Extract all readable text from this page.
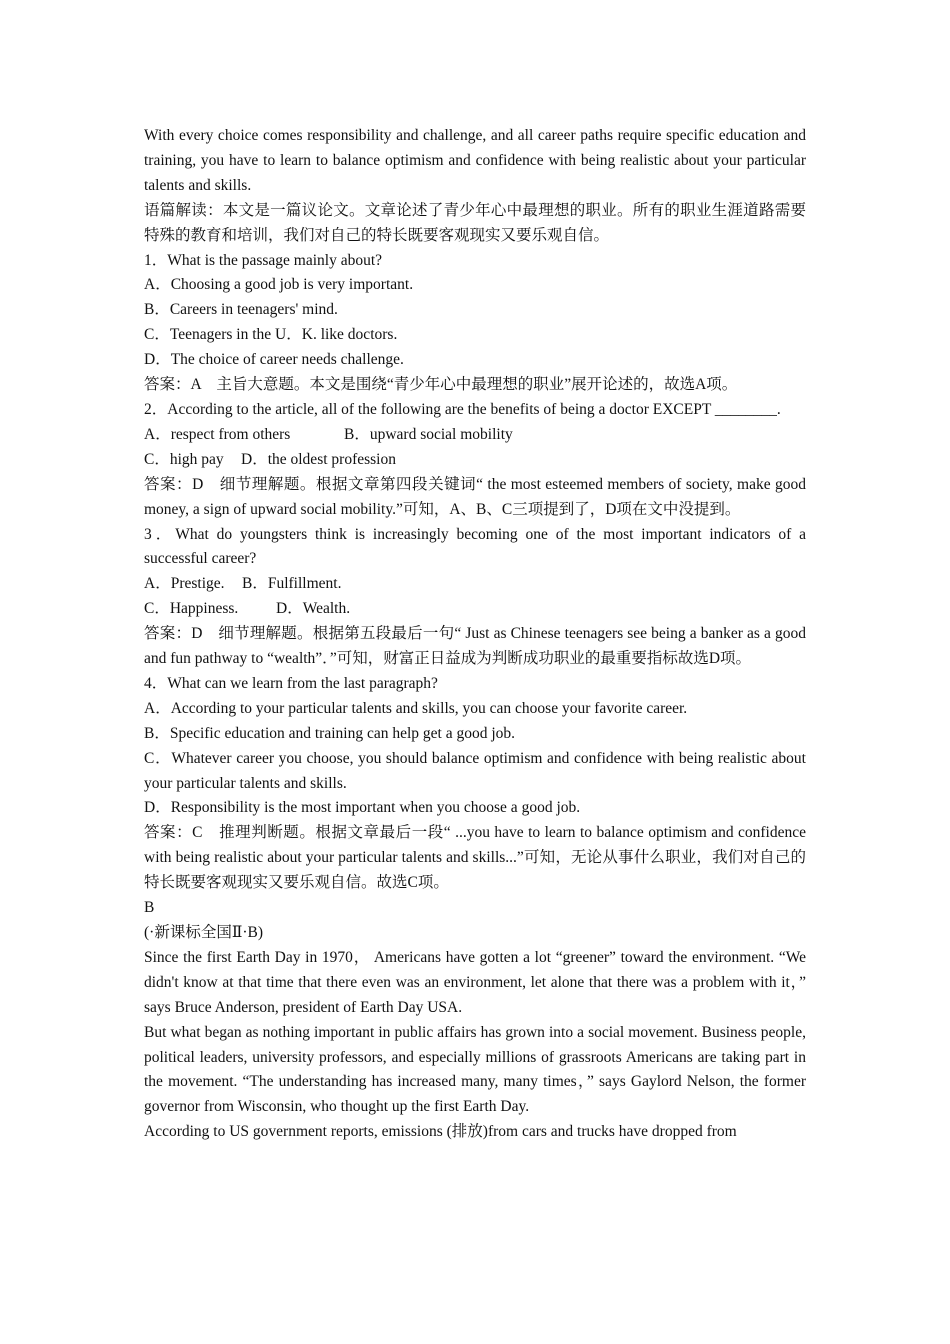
With every choice comes responsibility and challenge, and all career paths require specific education and training, you have to learn to balance optimism and confidence with being realistic about your particular talents and skills.

语篇解读：本文是一篇议论文。文章论述了青少年心中最理想的职业。所有的职业生涯道路需要特殊的教育和培训，我们对自己的特长既要客观现实又要乐观自信。

1．What is the passage mainly about?

A．Choosing a good job is very important.

B．Careers in teenagers' mind.

C．Teenagers in the U．K. like doctors.

D．The choice of career needs challenge.

答案：A　主旨大意题。本文是围绕“青少年心中最理想的职业”展开论述的，故选A项。

2．According to the article, all of the following are the benefits of being a doctor EXCEPT ________.

A．respect from others	B．upward social mobility

C．high pay D．the oldest profession

答案：D　细节理解题。根据文章第四段关键词“ the most esteemed members of society, make good money, a sign of upward social mobility.”可知，A、B、C三项提到了，D项在文中没提到。

3．What do youngsters think is increasingly becoming one of the most important indicators of a successful career?

A．Prestige. B．Fulfillment.

C．Happiness. D．Wealth.

答案：D　细节理解题。根据第五段最后一句“ Just as Chinese teenagers see being a banker as a good and fun pathway to “wealth”．”可知，财富正日益成为判断成功职业的最重要指标故选D项。

4．What can we learn from the last paragraph?

A．According to your particular talents and skills, you can choose your favorite career.

B．Specific education and training can help get a good job.

C．Whatever career you choose, you should balance optimism and confidence with being realistic about your particular talents and skills.

D．Responsibility is the most important when you choose a good job.

答案：C　推理判断题。根据文章最后一段“ ...you have to learn to balance optimism and confidence with being realistic about your particular talents and skills...”可知，无论从事什么职业，我们对自己的特长既要客观现实又要乐观自信。故选C项。

B

(·新课标全国Ⅱ·B)

Since the first Earth Day in 1970， Americans have gotten a lot “greener” toward the environment. “We didn't know at that time that there even was an environment, let alone that there was a problem with it，” says Bruce Anderson, president of Earth Day USA.

But what began as nothing important in public affairs has grown into a social movement. Business people, political leaders, university professors, and especially millions of grassroots Americans are taking part in the movement. “The understanding has increased many, many times，” says Gaylord Nelson, the former governor from Wisconsin, who thought up the first Earth Day.

According to US government reports, emissions (排放)from cars and trucks have dropped from
